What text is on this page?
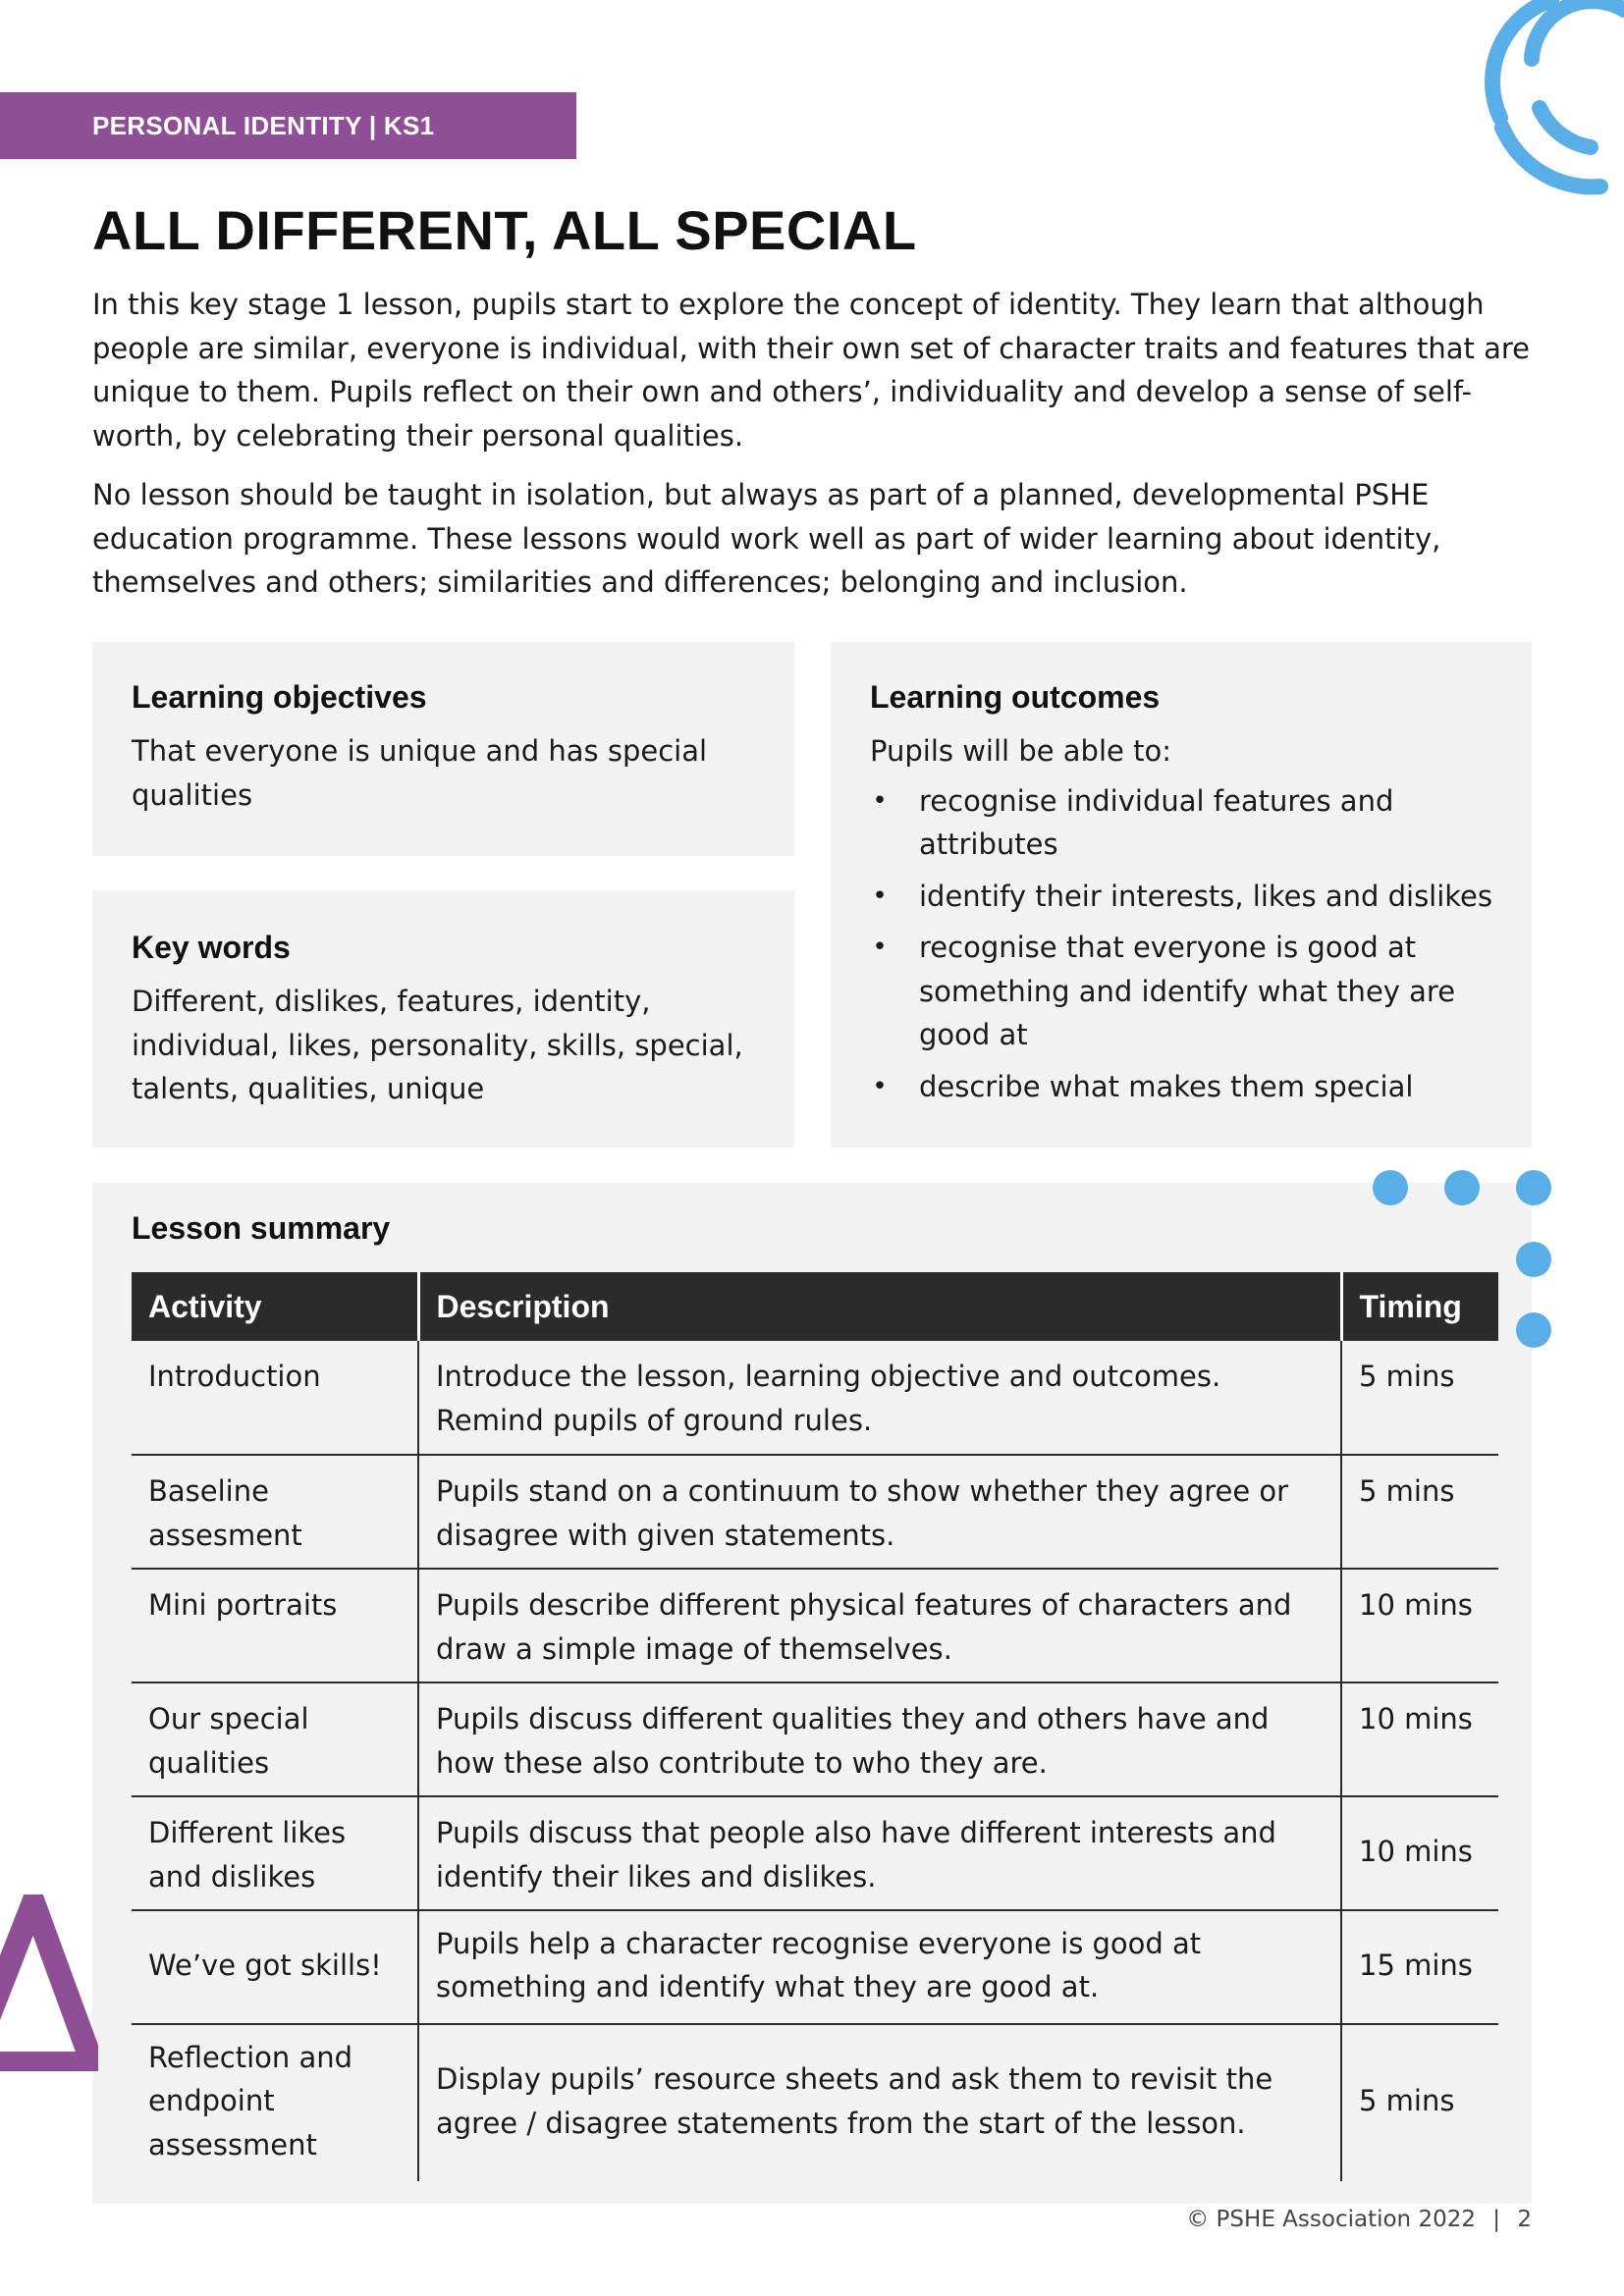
PERSONAL IDENTITY | KS1
ALL DIFFERENT, ALL SPECIAL

In this key stage 1 lesson, pupils start to explore the concept of identity. They learn that although people are similar, everyone is individual, with their own set of character traits and features that are unique to them. Pupils reflect on their own and others’, individuality and develop a sense of self-worth, by celebrating their personal qualities.

No lesson should be taught in isolation, but always as part of a planned, developmental PSHE education programme. These lessons would work well as part of wider learning about identity, themselves and others; similarities and differences; belonging and inclusion.

Learning objectives
That everyone is unique and has special qualities
Key words
Different, dislikes, features, identity, individual, likes, personality, skills, special, talents, qualities, unique
Learning outcomes
Pupils will be able to:
• recognise individual features and attributes
• identify their interests, likes and dislikes
• recognise that everyone is good at something and identify what they are good at
• describe what makes them special
Lesson summary
Activity	Description	Timing
Introduction	Introduce the lesson, learning objective and outcomes. Remind pupils of ground rules.	5 mins
Baseline assesment	Pupils stand on a continuum to show whether they agree or disagree with given statements.	5 mins
Mini portraits	Pupils describe different physical features of characters and draw a simple image of themselves.	10 mins
Our special qualities	Pupils discuss different qualities they and others have and how these also contribute to who they are.	10 mins
Different likes and dislikes	Pupils discuss that people also have different interests and identify their likes and dislikes.	10 mins
We’ve got skills!	Pupils help a character recognise everyone is good at something and identify what they are good at.	15 mins
Reflection and endpoint assessment	Display pupils’ resource sheets and ask them to revisit the agree / disagree statements from the start of the lesson.	5 mins
© PSHE Association 2022 | 2
